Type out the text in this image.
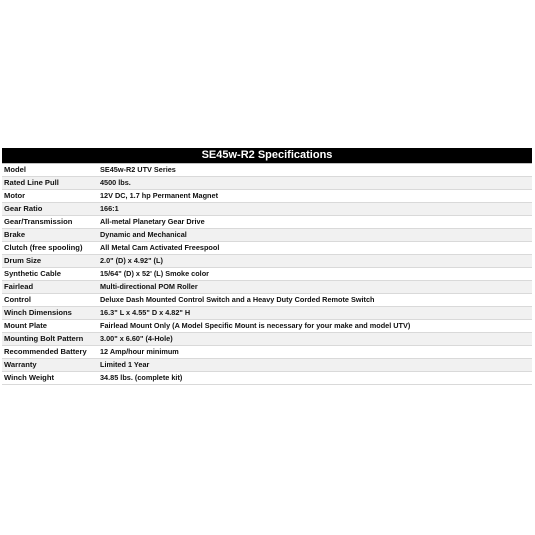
SE45w-R2 Specifications
Model	SE45w-R2 UTV Series
Rated Line Pull	4500 lbs.
Motor	12V DC, 1.7 hp Permanent Magnet
Gear Ratio	166:1
Gear/Transmission	All-metal Planetary Gear Drive
Brake	Dynamic and Mechanical
Clutch (free spooling)	All Metal Cam Activated Freespool
Drum Size	2.0" (D) x 4.92" (L)
Synthetic Cable	15/64" (D) x 52' (L) Smoke color
Fairlead	Multi-directional POM Roller
Control	Deluxe Dash Mounted Control Switch and a Heavy Duty Corded Remote Switch
Winch Dimensions	16.3" L x 4.55" D x 4.82" H
Mount Plate	Fairlead Mount Only (A Model Specific Mount is necessary for your make and model UTV)
Mounting Bolt Pattern	3.00" x 6.60" (4-Hole)
Recommended Battery	12 Amp/hour minimum
Warranty	Limited 1 Year
Winch Weight	34.85 lbs. (complete kit)
